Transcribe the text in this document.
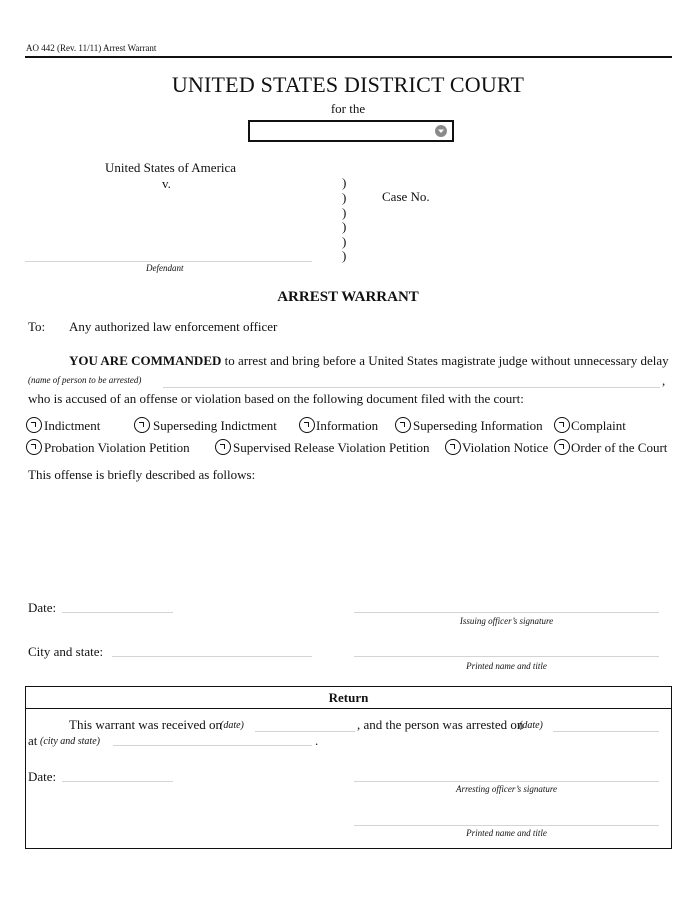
AO 442 (Rev. 11/11) Arrest Warrant
UNITED STATES DISTRICT COURT
for the
United States of America
v.	)
)
)
)
)
)
Case No.
Defendant
ARREST WARRANT
To: Any authorized law enforcement officer
YOU ARE COMMANDED to arrest and bring before a United States magistrate judge without unnecessary delay
(name of person to be arrested)	,
who is accused of an offense or violation based on the following document filed with the court:
Indictment	Superseding Indictment	Information	Superseding Information Complaint
Probation Violation Petition	Supervised Release Violation Petition	Violation Notice Order of the Court
This offense is briefly described as follows:
Date:
Issuing officer’s signature
City and state:
Printed name and title
Return
This warrant was received on
(date)	, and the person was arrested on
(date)
at (city and state)	.
Date:
Arresting officer’s signature
Printed name and title
